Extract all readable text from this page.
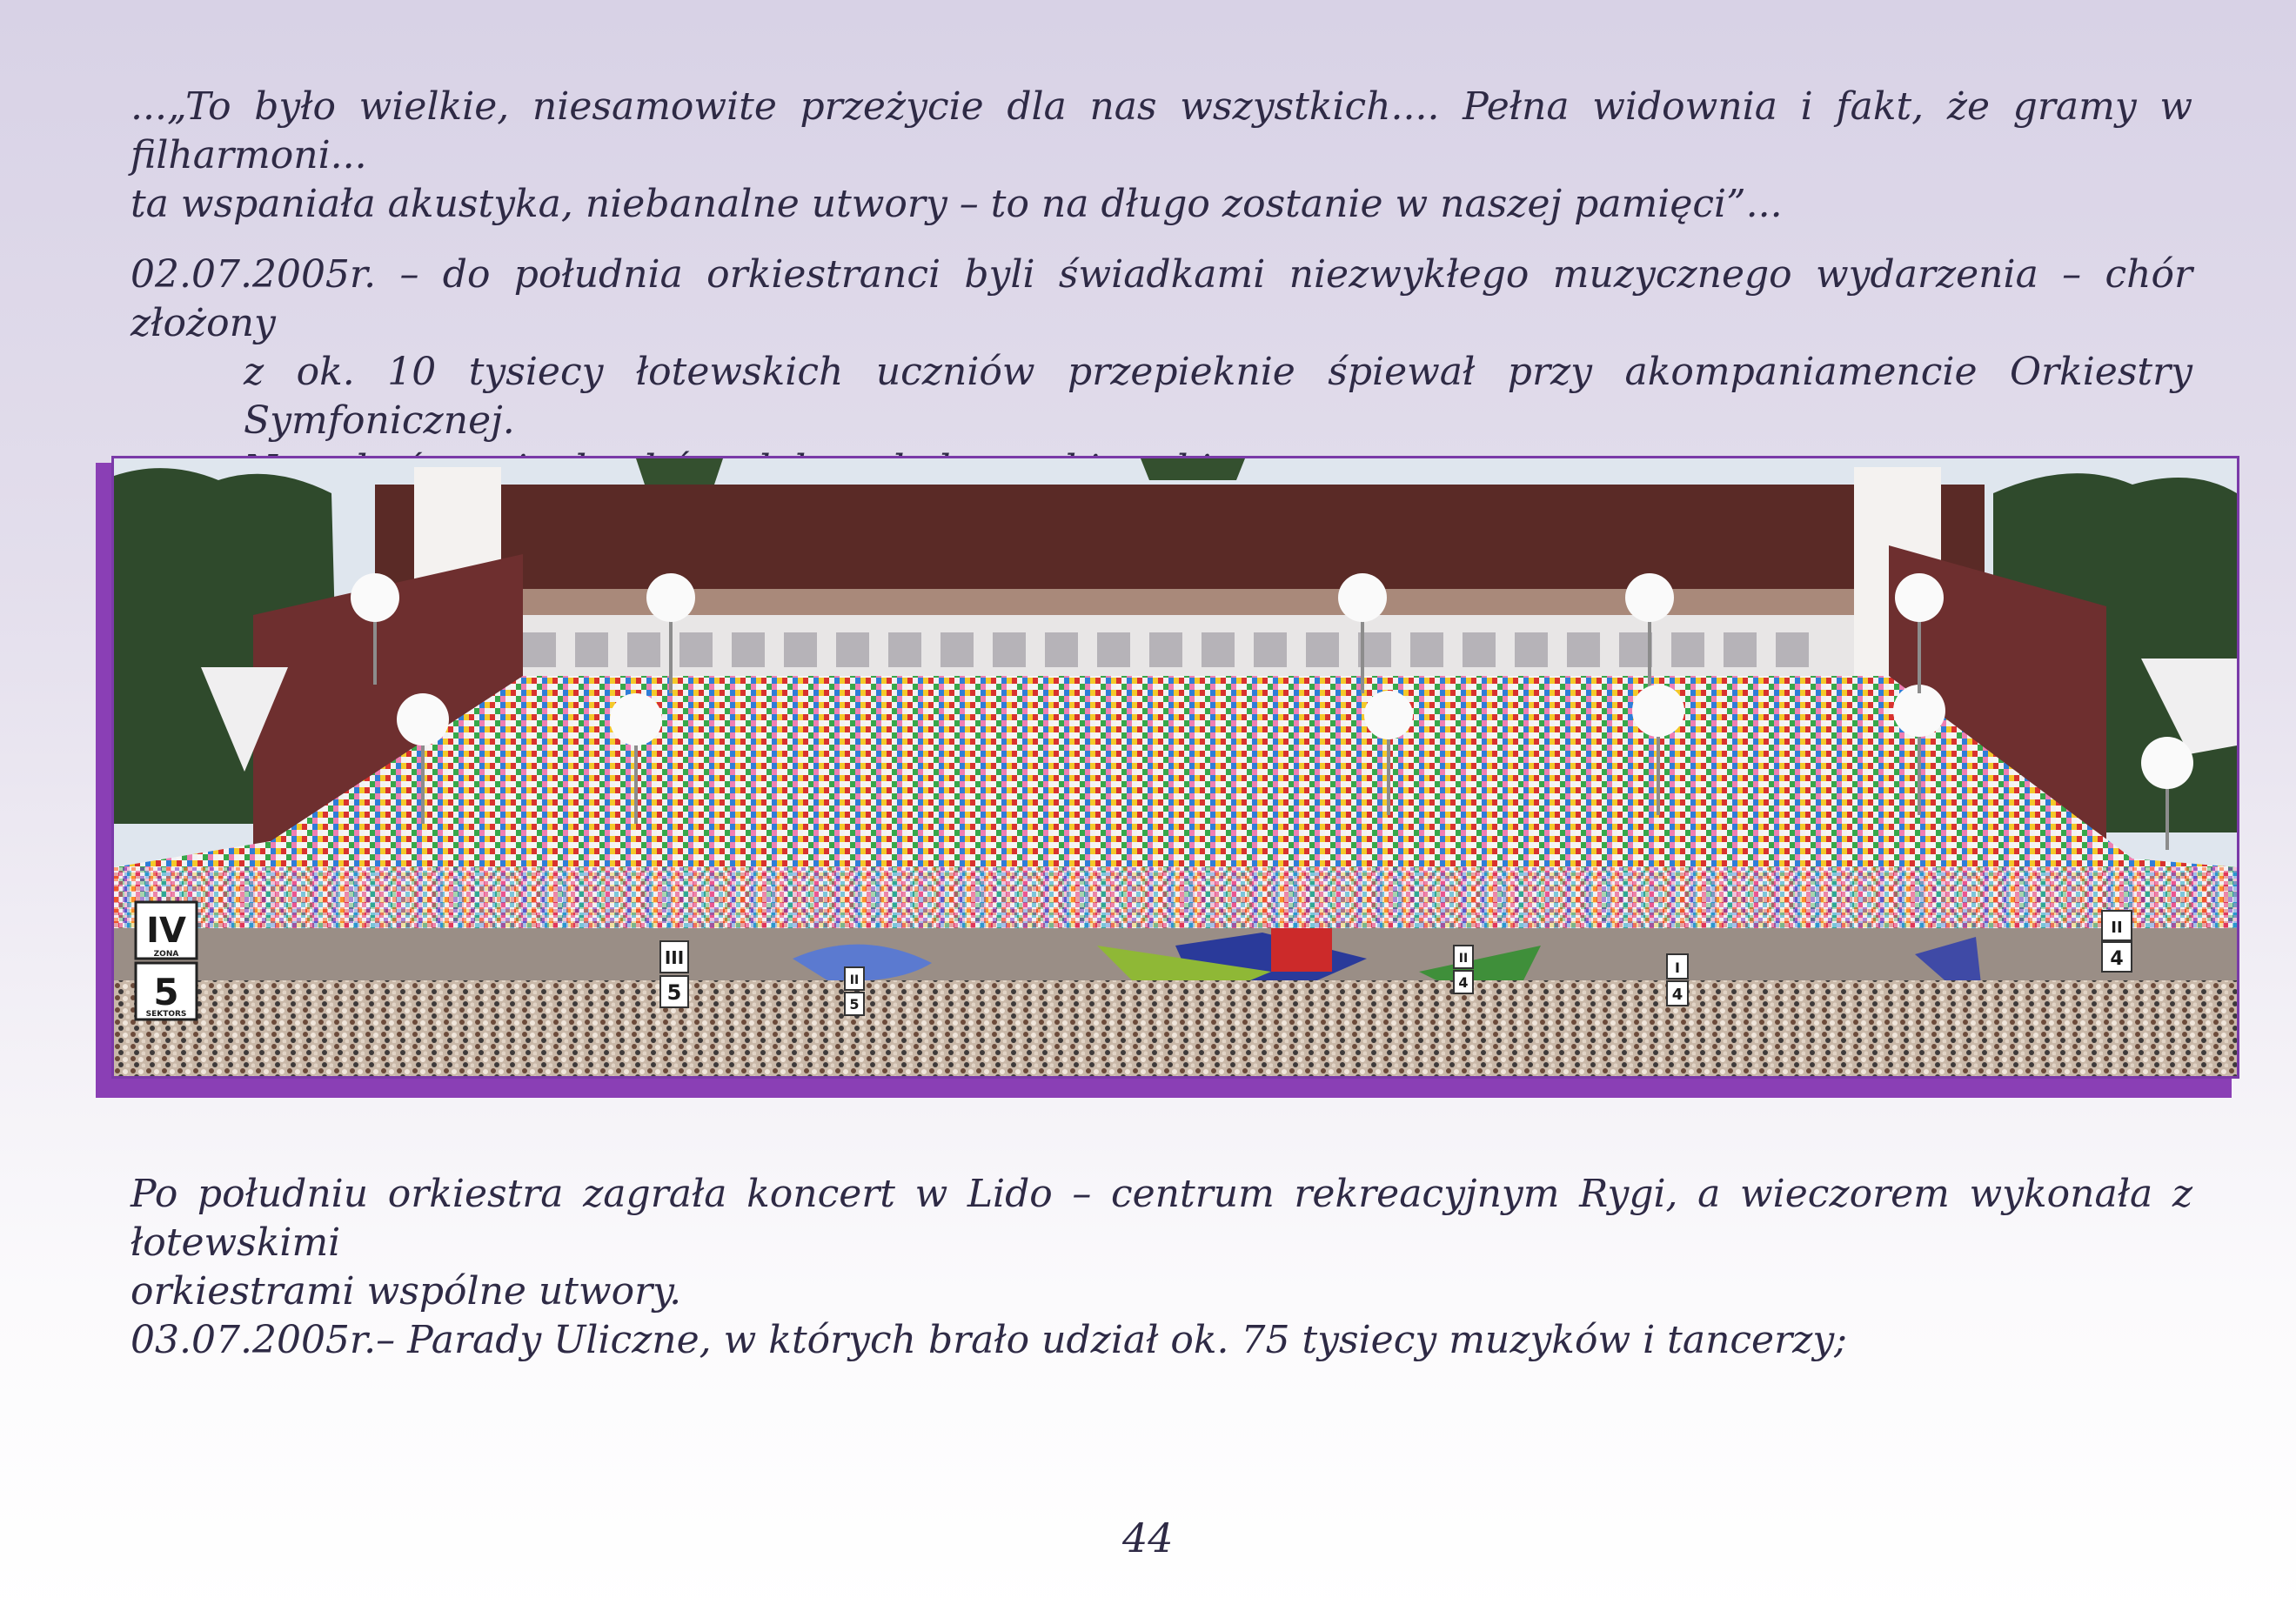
...„To było wielkie, niesamowite przeżycie dla nas wszystkich.... Pełna widownia i fakt, że gramy w filharmoni...
ta wspaniała akustyka, niebanalne utwory – to na długo zostanie w naszej pamięci”...
02.07.2005r. – do południa orkiestranci byli świadkami niezwykłego muzycznego wydarzenia – chór złożony
z ok. 10 tysiecy łotewskich uczniów przepieknie śpiewał przy akompaniamencie Orkiestry Symfonicznej.
IV
ZONA
5
SEKTORS
III
5	II
5
II
4
I
4
II
4
Po południu orkiestra zagrała koncert w Lido – centrum rekreacyjnym Rygi, a wieczorem wykonała z łotewskimi
orkiestrami wspólne utwory.
03.07.2005r.– Parady Uliczne, w których brało udział ok. 75 tysiecy muzyków i tancerzy;
44
